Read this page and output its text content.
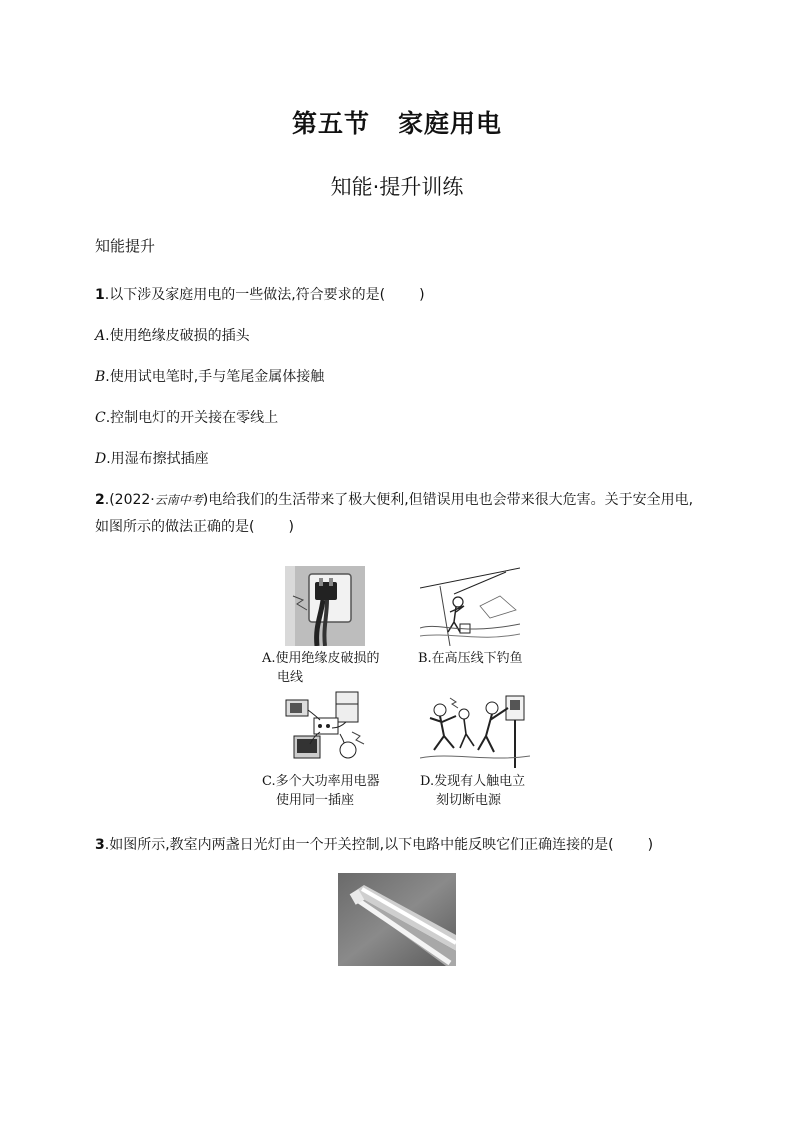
第五节 家庭用电
知能·提升训练
知能提升
1.以下涉及家庭用电的一些做法,符合要求的是( )
A.使用绝缘皮破损的插头
B.使用试电笔时,手与笔尾金属体接触
C.控制电灯的开关接在零线上
D.用湿布擦拭插座
2.(2022·云南中考)电给我们的生活带来了极大便利,但错误用电也会带来很大危害。关于安全用电,
如图所示的做法正确的是( )
A.使用绝缘皮破损的
电线
B.在高压线下钓鱼
C.多个大功率用电器
使用同一插座
D.发现有人触电立
刻切断电源
3.如图所示,教室内两盏日光灯由一个开关控制,以下电路中能反映它们正确连接的是( )
